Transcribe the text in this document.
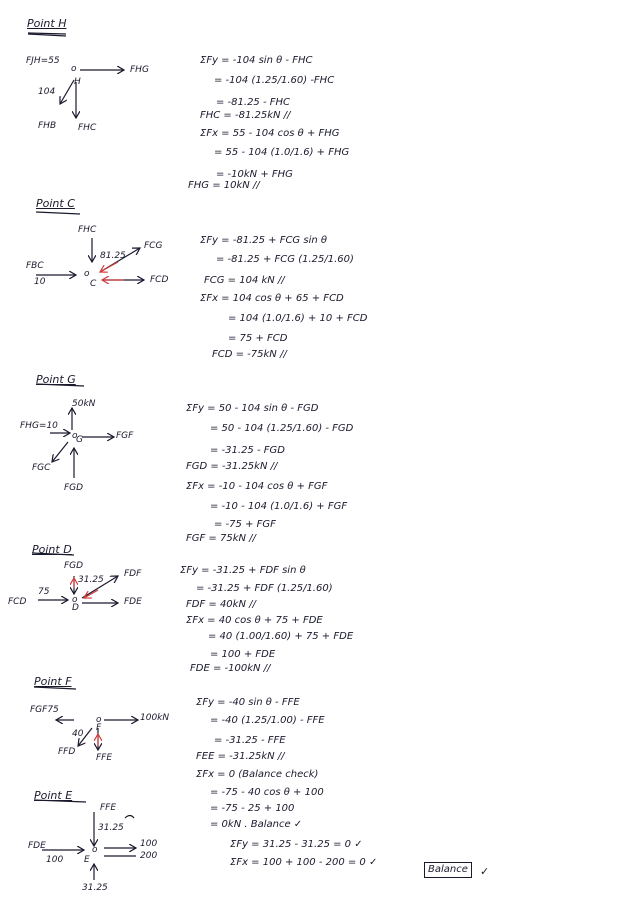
Point H
FJH=55
o	FHG
H
104
FHB FHC
ΣFy = -104 sin θ - FHC
= -104 (1.25/1.60) -FHC
= -81.25 - FHC
FHC = -81.25kN //
ΣFx = 55 - 104 cos θ + FHG
= 55 - 104 (1.0/1.6) + FHG
= -10kN + FHG
FHG = 10kN //
Point C
FHC
81.25
FCG
FBC
10
o
C	FCD
ΣFy = -81.25 + FCG sin θ
= -81.25 + FCG (1.25/1.60)
FCG = 104 kN //
ΣFx = 104 cos θ + 65 + FCD
= 104 (1.0/1.6) + 10 + FCD
= 75 + FCD
FCD = -75kN //
Point G
50kN
FHG=10
o
G	FGF
FGC
FGD
ΣFy = 50 - 104 sin θ - FGD
= 50 - 104 (1.25/1.60) - FGD
= -31.25 - FGD
FGD = -31.25kN //
ΣFx = -10 - 104 cos θ + FGF
= -10 - 104 (1.0/1.6) + FGF
= -75 + FGF
FGF = 75kN //
Point D
FGD
31.25
FDF
75
FCD	o
D
FDE
ΣFy = -31.25 + FDF sin θ
= -31.25 + FDF (1.25/1.60)
FDF = 40kN //
ΣFx = 40 cos θ + 75 + FDE
= 40 (1.00/1.60) + 75 + FDE
= 100 + FDE
FDE = -100kN //
Point F
FGF75
100kN
o
F
40
FFD
FFE
ΣFy = -40 sin θ - FFE
= -40 (1.25/1.00) - FFE
= -31.25 - FFE
FEE = -31.25kN //
ΣFx = 0 (Balance check)
= -75 - 40 cos θ + 100
= -75 - 25 + 100
= 0kN . Balance ✓
Point E
FFE
31.25
FDE
100
o
E
100
200
31.25
ΣFy = 31.25 - 31.25 = 0 ✓
ΣFx = 100 + 100 - 200 = 0 ✓
Balance	✓
